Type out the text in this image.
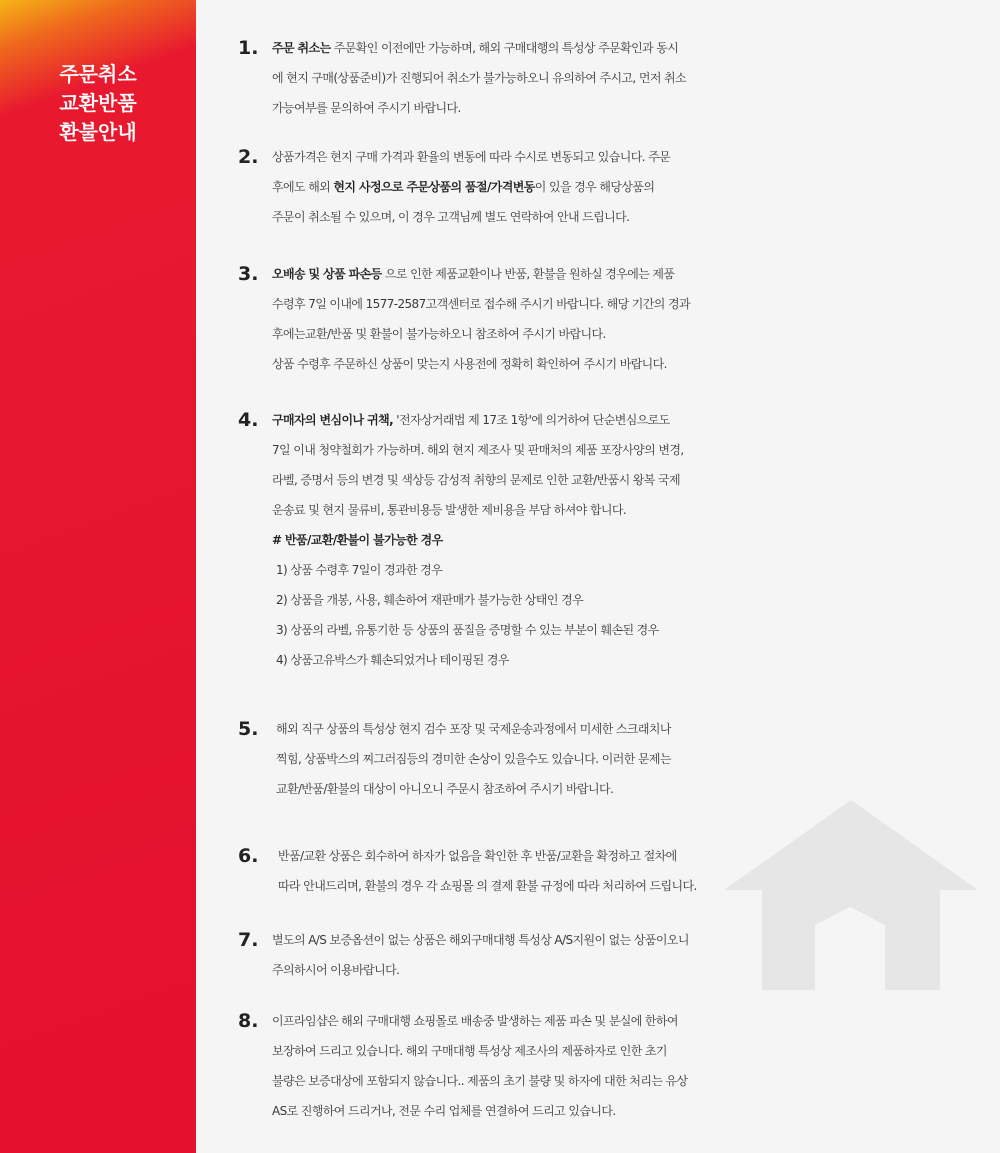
주문취소
교환반품
환불안내
1. 주문 취소는 주문확인 이전에만 가능하며, 해외 구매대행의 특성상 주문확인과 동시
에 현지 구매(상품준비)가 진행되어 취소가 불가능하오니 유의하여 주시고, 먼저 취소
가능여부를 문의하여 주시기 바랍니다.
2. 상품가격은 현지 구매 가격과 환율의 변동에 따라 수시로 변동되고 있습니다. 주문
후에도 해외 현지 사정으로 주문상품의 품절/가격변동이 있을 경우 해당상품의
주문이 취소될 수 있으며, 이 경우 고객님께 별도 연락하여 안내 드립니다.
3. 오배송 및 상품 파손등 으로 인한 제품교환이나 반품, 환불을 원하실 경우에는 제품
수령후 7일 이내에 1577-2587고객센터로 접수해 주시기 바랍니다. 해당 기간의 경과
후에는교환/반품 및 환불이 불가능하오니 참조하여 주시기 바랍니다.
상품 수령후 주문하신 상품이 맞는지 사용전에 정확히 확인하여 주시기 바랍니다.
4. 구매자의 변심이나 귀책, '전자상거래법 제 17조 1항'에 의거하여 단순변심으로도
7일 이내 청약철회가 가능하며. 해외 현지 제조사 및 판매처의 제품 포장사양의 변경,
라벨, 증명서 등의 변경 및 색상등 감성적 취향의 문제로 인한 교환/반품시 왕복 국제
운송료 및 현지 물류비, 통관비용등 발생한 제비용을 부담 하셔야 합니다.
# 반품/교환/환불이 불가능한 경우
1) 상품 수령후 7일이 경과한 경우
2) 상품을 개봉, 사용, 훼손하여 재판매가 불가능한 상태인 경우
3) 상품의 라벨, 유통기한 등 상품의 품질을 증명할 수 있는 부분이 훼손된 경우
4) 상품고유박스가 훼손되었거나 테이핑된 경우
5. 해외 직구 상품의 특성상 현지 검수 포장 및 국제운송과정에서 미세한 스크래치나
찍힘, 상품박스의 찌그러짐등의 경미한 손상이 있을수도 있습니다. 이러한 문제는
교환/반품/환불의 대상이 아니오니 주문시 참조하여 주시기 바랍니다.
6. 반품/교환 상품은 회수하여 하자가 없음을 확인한 후 반품/교환을 확정하고 절차에
따라 안내드리며, 환불의 경우 각 쇼핑몰 의 결제 환불 규정에 따라 처리하여 드립니다.
7. 별도의 A/S 보증옵션이 없는 상품은 해외구매대행 특성상 A/S지원이 없는 상품이오니
주의하시어 이용바랍니다.
8. 이프라임샵은 해외 구매대행 쇼핑몰로 배송중 발생하는 제품 파손 및 분실에 한하여
보장하여 드리고 있습니다. 해외 구매대행 특성상 제조사의 제품하자로 인한 초기
불량은 보증대상에 포함되지 않습니다.. 제품의 초기 불량 및 하자에 대한 처리는 유상
AS로 진행하여 드리거나, 전문 수리 업체를 연결하여 드리고 있습니다.
